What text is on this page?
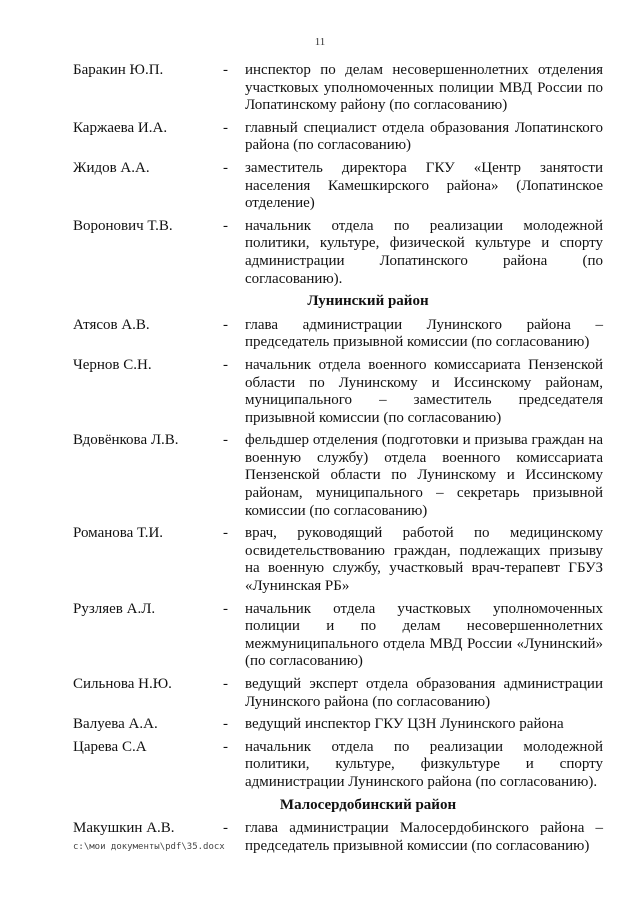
11
Баракин Ю.П.	-	инспектор по делам несовершеннолетних отделения участковых уполномоченных полиции МВД России по Лопатинскому району (по согласованию)
Каржаева И.А.	-	главный специалист отдела образования Лопатинского района (по согласованию)
Жидов А.А.	-	заместитель директора ГКУ «Центр занятости населения Камешкирского района» (Лопатинское отделение)
Воронович Т.В.	-	начальник отдела по реализации молодежной политики, культуре, физической культуре и спорту администрации Лопатинского района (по согласованию).
Лунинский район
Атясов А.В.	-	глава администрации Лунинского района – председатель призывной комиссии (по согласованию)
Чернов С.Н.	-	начальник отдела военного комиссариата Пензенской области по Лунинскому и Иссинскому районам, муниципального – заместитель председателя призывной комиссии (по согласованию)
Вдовёнкова Л.В.	-	фельдшер отделения (подготовки и призыва граждан на военную службу) отдела военного комиссариата Пензенской области по Лунинскому и Иссинскому районам, муниципального – секретарь призывной комиссии (по согласованию)
Романова Т.И.	-	врач, руководящий работой по медицинскому освидетельствованию граждан, подлежащих призыву на военную службу, участковый врач-терапевт ГБУЗ «Лунинская РБ»
Рузляев А.Л.	-	начальник отдела участковых уполномоченных полиции и по делам несовершеннолетних межмуниципального отдела МВД России «Лунинский» (по согласованию)
Сильнова Н.Ю.	-	ведущий эксперт отдела образования администрации Лунинского района (по согласованию)
Валуева А.А.	-	ведущий инспектор ГКУ ЦЗН Лунинского района
Царева С.А	-	начальник отдела по реализации молодежной политики, культуре, физкультуре и спорту администрации Лунинского района (по согласованию).
Малосердобинский район
Макушкин А.В.	-	глава администрации Малосердобинского района – председатель призывной комиссии (по согласованию)
c:\мои документы\pdf\35.docx
